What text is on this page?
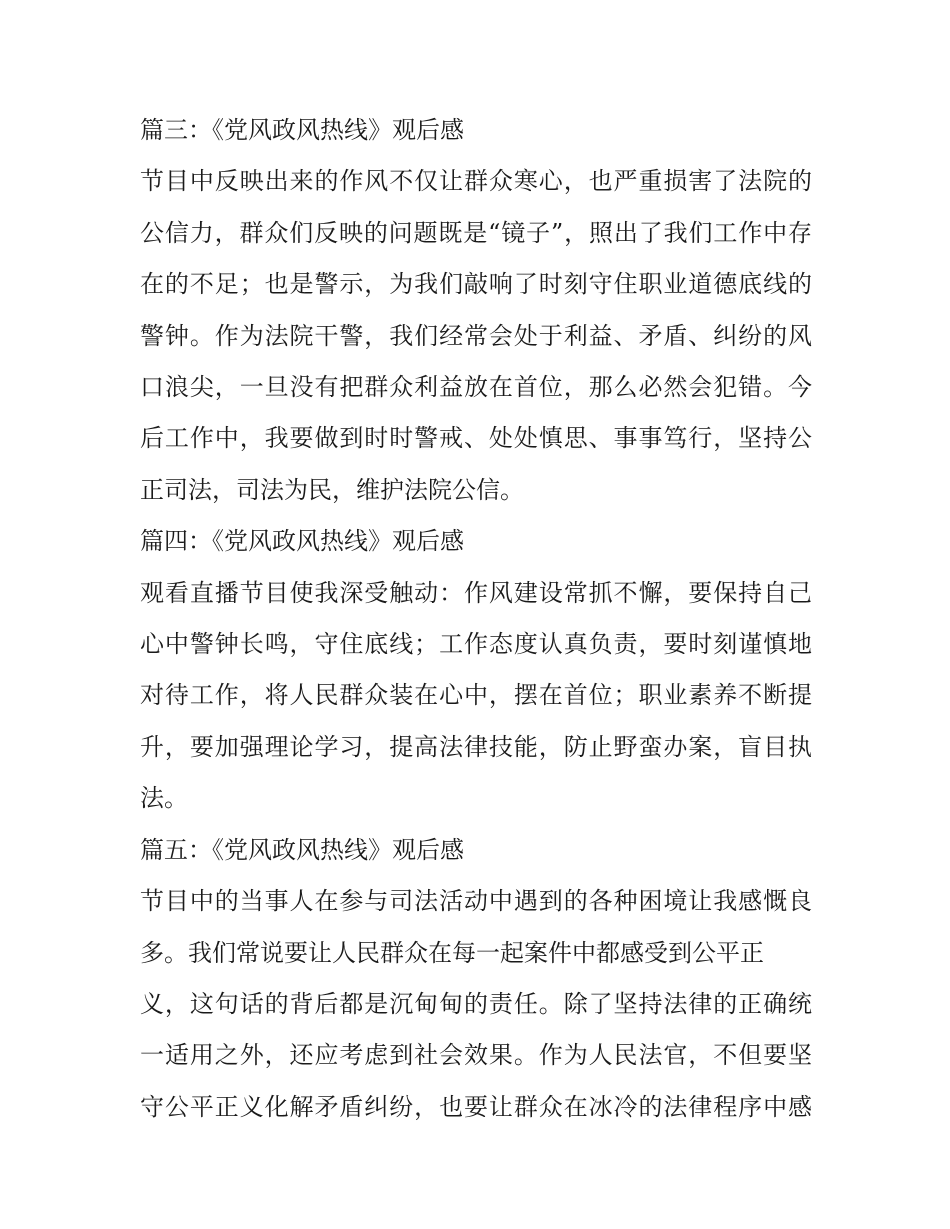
篇三：《党风政风热线》观后感
节目中反映出来的作风不仅让群众寒心，也严重损害了法院的
公信力，群众们反映的问题既是“镜子”，照出了我们工作中存
在的不足；也是警示，为我们敲响了时刻守住职业道德底线的
警钟。作为法院干警，我们经常会处于利益、矛盾、纠纷的风
口浪尖，一旦没有把群众利益放在首位，那么必然会犯错。今
后工作中，我要做到时时警戒、处处慎思、事事笃行，坚持公
正司法，司法为民，维护法院公信。
篇四：《党风政风热线》观后感
观看直播节目使我深受触动：作风建设常抓不懈，要保持自己
心中警钟长鸣，守住底线；工作态度认真负责，要时刻谨慎地
对待工作，将人民群众装在心中，摆在首位；职业素养不断提
升，要加强理论学习，提高法律技能，防止野蛮办案，盲目执
法。
篇五：《党风政风热线》观后感
节目中的当事人在参与司法活动中遇到的各种困境让我感慨良
多。我们常说要让人民群众在每一起案件中都感受到公平正
义，这句话的背后都是沉甸甸的责任。除了坚持法律的正确统
一适用之外，还应考虑到社会效果。作为人民法官，不但要坚
守公平正义化解矛盾纠纷，也要让群众在冰冷的法律程序中感
